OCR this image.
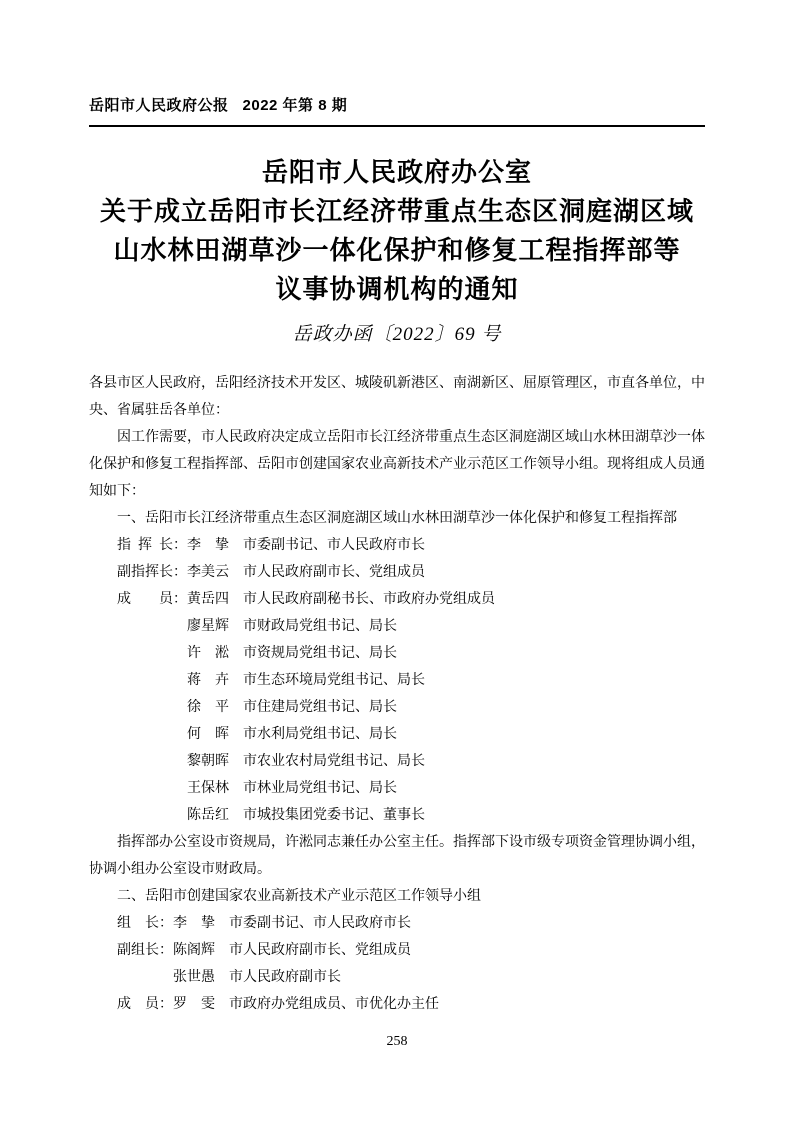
岳阳市人民政府公报 2022 年第 8 期
岳阳市人民政府办公室
关于成立岳阳市长江经济带重点生态区洞庭湖区域
山水林田湖草沙一体化保护和修复工程指挥部等
议事协调机构的通知
岳政办函〔2022〕69 号

各县市区人民政府，岳阳经济技术开发区、城陵矶新港区、南湖新区、屈原管理区，市直各单位，中央、省属驻岳各单位：

因工作需要，市人民政府决定成立岳阳市长江经济带重点生态区洞庭湖区域山水林田湖草沙一体化保护和修复工程指挥部、岳阳市创建国家农业高新技术产业示范区工作领导小组。现将组成人员通知如下：

一、岳阳市长江经济带重点生态区洞庭湖区域山水林田湖草沙一体化保护和修复工程指挥部

指挥长：李挚 市委副书记、市人民政府市长
副指挥长：李美云 市人民政府副市长、党组成员
成员：黄岳四 市人民政府副秘书长、市政府办党组成员
廖星辉 市财政局党组书记、局长
许淞 市资规局党组书记、局长
蒋卉 市生态环境局党组书记、局长
徐平 市住建局党组书记、局长
何晖 市水利局党组书记、局长
黎朝晖 市农业农村局党组书记、局长
王保林 市林业局党组书记、局长
陈岳红 市城投集团党委书记、董事长

指挥部办公室设市资规局，许淞同志兼任办公室主任。指挥部下设市级专项资金管理协调小组，协调小组办公室设市财政局。

二、岳阳市创建国家农业高新技术产业示范区工作领导小组

组长：李挚 市委副书记、市人民政府市长
副组长：陈阁辉 市人民政府副市长、党组成员
张世愚 市人民政府副市长
成员：罗雯 市政府办党组成员、市优化办主任
258
